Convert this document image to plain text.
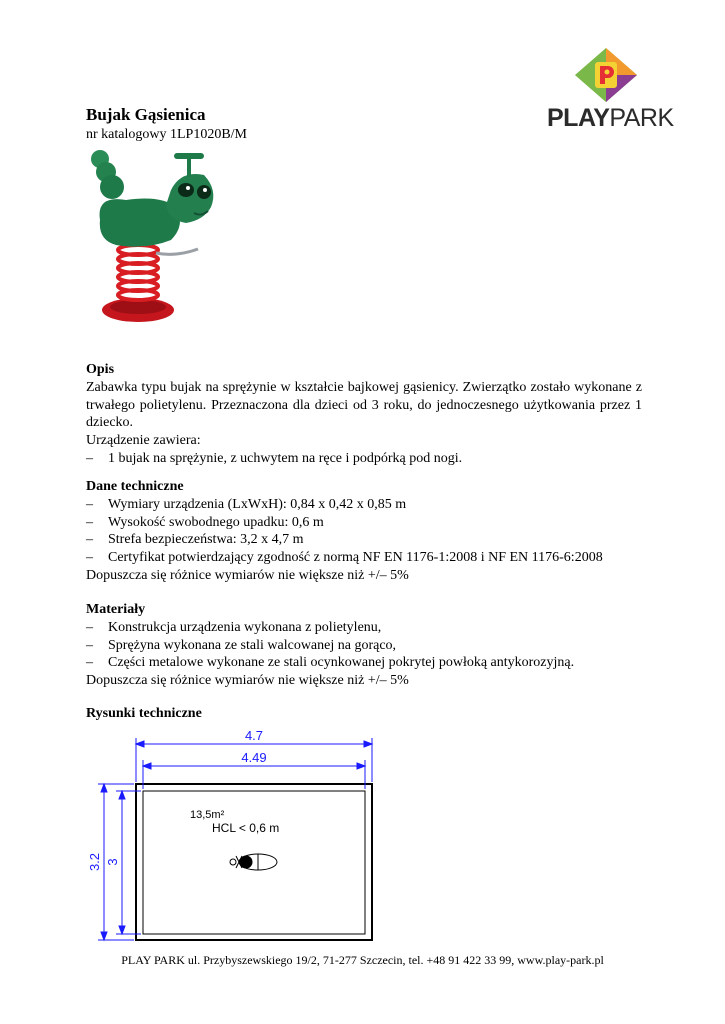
PLAYPARK
Bujak Gąsienica
nr katalogowy 1LP1020B/M
Opis
Zabawka typu bujak na sprężynie w kształcie bajkowej gąsienicy. Zwierzątko zostało wykonane z trwałego polietylenu. Przeznaczona dla dzieci od 3 roku, do jednoczesnego użytkowania przez 1 dziecko.
Urządzenie zawiera:
– 1 bujak na sprężynie, z uchwytem na ręce i podpórką pod nogi.
Dane techniczne
– Wymiary urządzenia (LxWxH): 0,84 x 0,42 x 0,85 m
– Wysokość swobodnego upadku: 0,6 m
– Strefa bezpieczeństwa: 3,2 x 4,7 m
– Certyfikat potwierdzający zgodność z normą NF EN 1176-1:2008 i NF EN 1176-6:2008
Dopuszcza się różnice wymiarów nie większe niż +/– 5%
Materiały
– Konstrukcja urządzenia wykonana z polietylenu,
– Sprężyna wykonana ze stali walcowanej na gorąco,
– Części metalowe wykonane ze stali ocynkowanej pokrytej powłoką antykorozyjną.
Dopuszcza się różnice wymiarów nie większe niż +/– 5%
Rysunki techniczne
4.7
4.49
3.2 3
13,5m²
HCL < 0,6 m
PLAY PARK ul. Przybyszewskiego 19/2, 71-277 Szczecin, tel. +48 91 422 33 99, www.play-park.pl
